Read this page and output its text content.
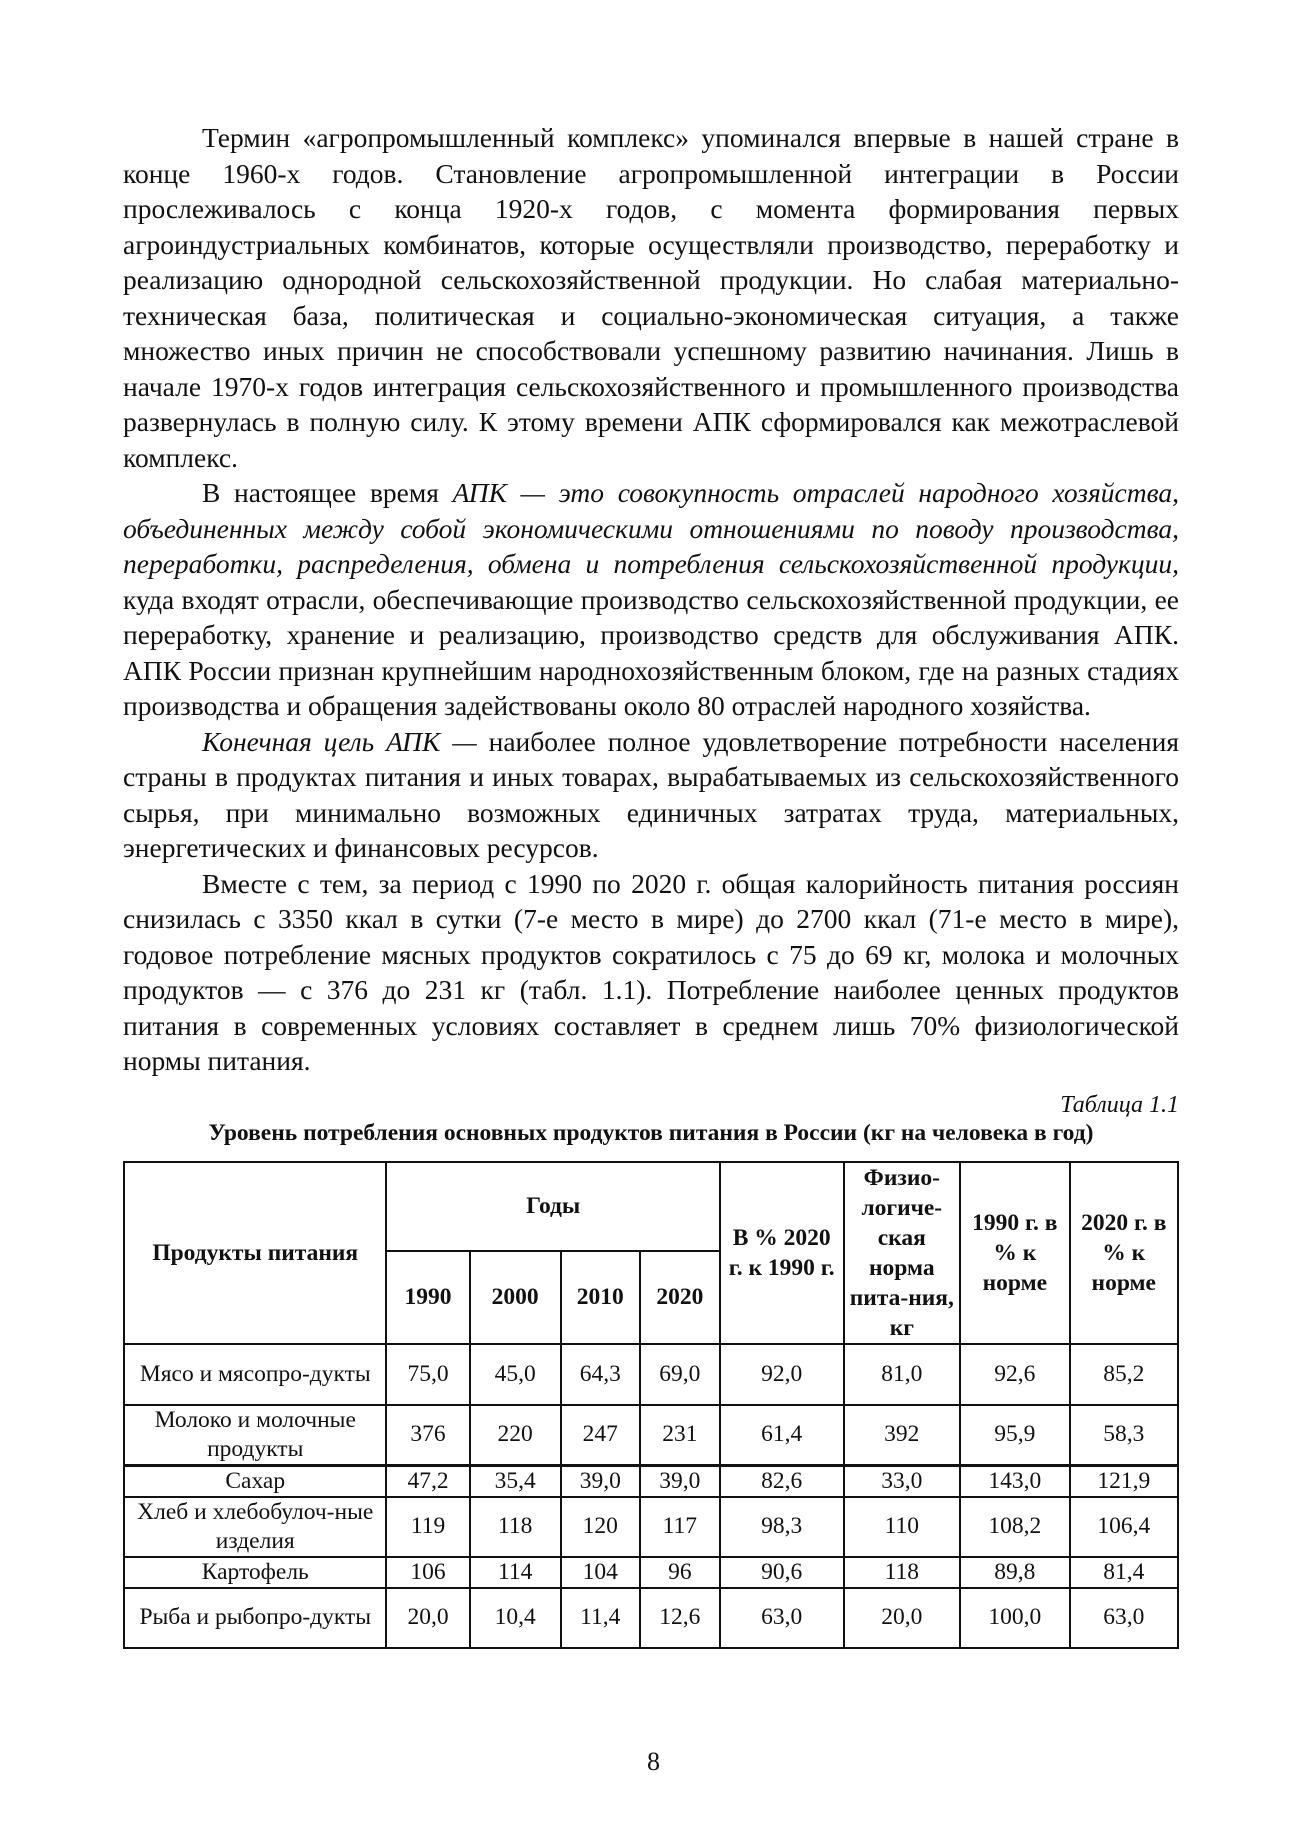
Термин «агропромышленный комплекс» упоминался впервые в нашей стране в конце 1960-х годов. Становление агропромышленной интеграции в России прослеживалось с конца 1920-х годов, с момента формирования первых агроиндустриальных комбинатов, которые осуществляли производство, переработку и реализацию однородной сельскохозяйственной продукции. Но слабая материально-техническая база, политическая и социально-экономическая ситуация, а также множество иных причин не способствовали успешному развитию начинания. Лишь в начале 1970-х годов интеграция сельскохозяйственного и промышленного производства развернулась в полную силу. К этому времени АПК сформировался как межотраслевой комплекс.

В настоящее время АПК — это совокупность отраслей народного хозяйства, объединенных между собой экономическими отношениями по поводу производства, переработки, распределения, обмена и потребления сельскохозяйственной продукции, куда входят отрасли, обеспечивающие производство сельскохозяйственной продукции, ее переработку, хранение и реализацию, производство средств для обслуживания АПК. АПК России признан крупнейшим народнохозяйственным блоком, где на разных стадиях производства и обращения задействованы около 80 отраслей народного хозяйства.

Конечная цель АПК — наиболее полное удовлетворение потребности населения страны в продуктах питания и иных товарах, вырабатываемых из сельскохозяйственного сырья, при минимально возможных единичных затратах труда, материальных, энергетических и финансовых ресурсов.

Вместе с тем, за период с 1990 по 2020 г. общая калорийность питания россиян снизилась с 3350 ккал в сутки (7-е место в мире) до 2700 ккал (71-е место в мире), годовое потребление мясных продуктов сократилось с 75 до 69 кг, молока и молочных продуктов — с 376 до 231 кг (табл. 1.1). Потребление наиболее ценных продуктов питания в современных условиях составляет в среднем лишь 70% физиологической нормы питания.

Таблица 1.1
Уровень потребления основных продуктов питания в России (кг на человека в год)
Продукты питания	Годы				В % 2020 г. к 1990 г.	Физио-логиче-ская норма пита-ния, кг	1990 г. в % к норме	2020 г. в % к норме
	1990	2000	2010	2020				
Мясо и мясопро-дукты	75,0	45,0	64,3	69,0	92,0	81,0	92,6	85,2
Молоко и молочные продукты	376	220	247	231	61,4	392	95,9	58,3
Сахар	47,2	35,4	39,0	39,0	82,6	33,0	143,0	121,9
Хлеб и хлебобулоч-ные изделия	119	118	120	117	98,3	110	108,2	106,4
Картофель	106	114	104	96	90,6	118	89,8	81,4
Рыба и рыбопро-дукты	20,0	10,4	11,4	12,6	63,0	20,0	100,0	63,0
8
